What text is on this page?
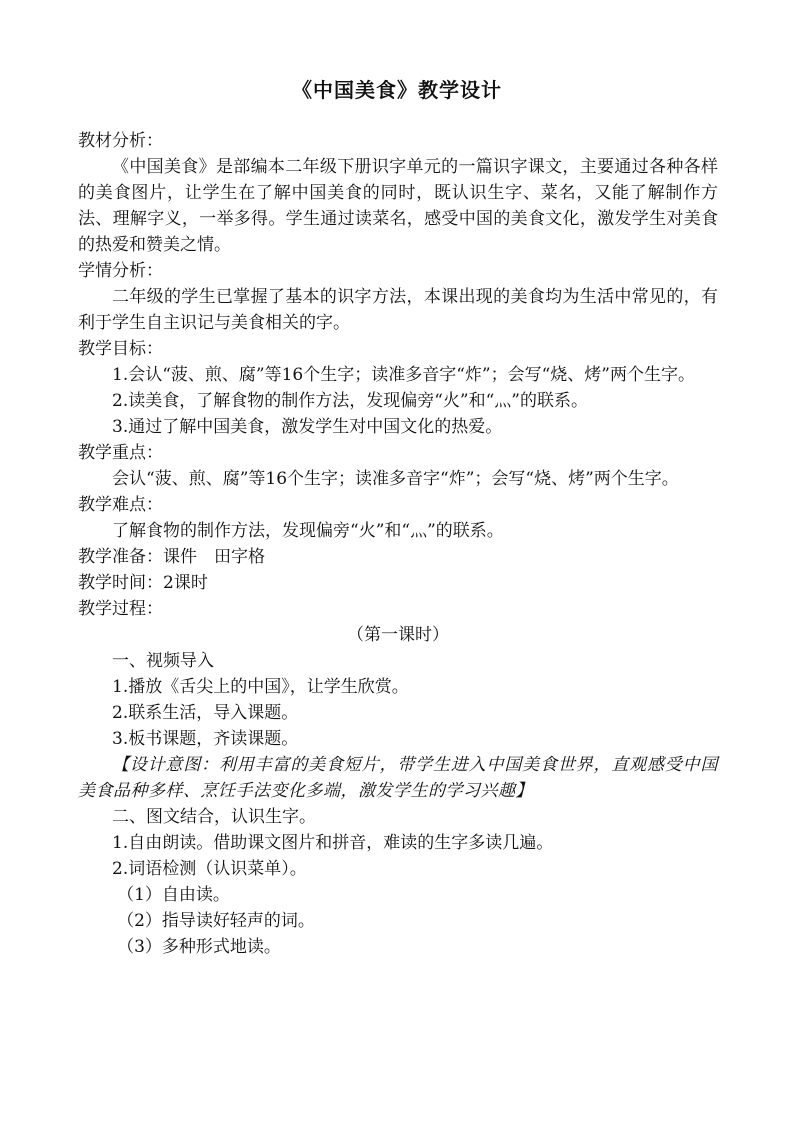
《中国美食》教学设计

教材分析：

《中国美食》是部编本二年级下册识字单元的一篇识字课文，主要通过各种各样的美食图片，让学生在了解中国美食的同时，既认识生字、菜名，又能了解制作方法、理解字义，一举多得。学生通过读菜名，感受中国的美食文化，激发学生对美食的热爱和赞美之情。

学情分析：

二年级的学生已掌握了基本的识字方法，本课出现的美食均为生活中常见的，有利于学生自主识记与美食相关的字。

教学目标：

1.会认“菠、煎、腐”等16个生字；读准多音字“炸”；会写“烧、烤”两个生字。

2.读美食，了解食物的制作方法，发现偏旁“火”和“灬”的联系。

3.通过了解中国美食，激发学生对中国文化的热爱。

教学重点：

会认“菠、煎、腐”等16个生字；读准多音字“炸”；会写“烧、烤”两个生字。

教学难点：

了解食物的制作方法，发现偏旁“火”和“灬”的联系。

教学准备：课件　田字格

教学时间：2课时

教学过程：

（第一课时）

一、视频导入

1.播放《舌尖上的中国》，让学生欣赏。

2.联系生活，导入课题。

3.板书课题，齐读课题。

【设计意图：利用丰富的美食短片，带学生进入中国美食世界，直观感受中国美食品种多样、烹饪手法变化多端，激发学生的学习兴趣】

二、图文结合，认识生字。

1.自由朗读。借助课文图片和拼音，难读的生字多读几遍。

2.词语检测（认识菜单）。

（1）自由读。

（2）指导读好轻声的词。

（3）多种形式地读。
